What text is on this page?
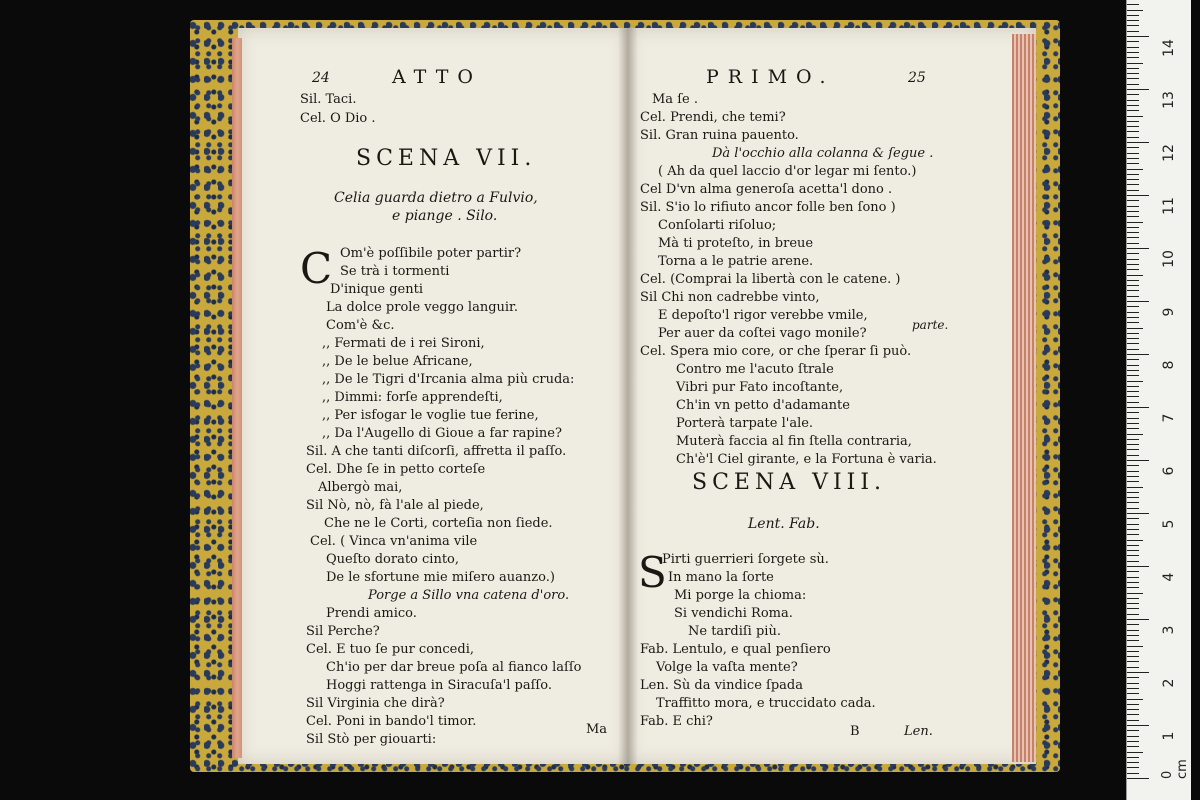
24	ATTO
Sil. Taci.
Cel. O Dio .
SCENA VII.
Celia guarda dietro a Fulvio,
e piange . Silo.
C Om'è poſſibile poter partir?
Se trà i tormenti
D'inique genti
La dolce prole veggo languir.
Com'è &c.
,, Fermati de i rei Sironi,
,, De le belue Africane,
,, De le Tigri d'Ircania alma più cruda:
,, Dimmi: forſe apprendeſti,
,, Per isfogar le voglie tue ferine,
,, Da l'Augello di Gioue a far rapine?
Sil. A che tanti diſcorſi, affretta il paſſo.
Cel. Dhe ſe in petto corteſe
Albergò mai,
Sil Nò, nò, fà l'ale al piede,
Che ne le Corti, corteſia non ſiede.
Cel. ( Vinca vn'anima vile
Queſto dorato cinto,
De le sfortune mie miſero auanzo.)
Porge a Sillo vna catena d'oro.
Prendi amico.
Sil Perche?
Cel. E tuo ſe pur concedi,
Ch'io per dar breue poſa al fianco laſſo
Hoggi rattenga in Siracuſa'l paſſo.
Sil Virginia che dirà?
Cel. Poni in bando'l timor.
Sil Stò per giouarti:
Ma
PRIMO.	25
Ma ſe .
Cel. Prendi, che temi?
Sil. Gran ruina pauento.
Dà l'occhio alla colanna & ſegue .
( Ah da quel laccio d'or legar mi ſento.)
Cel D'vn alma generoſa acetta'l dono .
Sil. S'io lo rifiuto ancor folle ben ſono )
Conſolarti riſoluo;
Mà ti proteſto, in breue
Torna a le patrie arene.
Cel. (Comprai la libertà con le catene. )
Sil Chi non cadrebbe vinto,
E depoſto'l rigor verebbe vmile,
Per auer da coſtei vago monile?
parte.
Cel. Spera mio core, or che ſperar ſi può.
Contro me l'acuto ſtrale
Vibri pur Fato incoſtante,
Ch'in vn petto d'adamante
Porterà tarpate l'ale.
Muterà faccia al fin ſtella contraria,
Ch'è'l Ciel girante, e la Fortuna è varia.
SCENA VIII.
Lent. Fab.
S
Pirti guerrieri ſorgete sù.
In mano la ſorte
Mi porge la chioma:
Si vendichi Roma.
Ne tardiſi più.
Fab. Lentulo, e qual penſiero
Volge la vaſta mente?
Len. Sù da vindice ſpada
Traffitto mora, e truccidato cada.
Fab. E chi?
B	Len.
14
13
12
11
10
9
8
7
6
5
4
3
2
1
0 cm
